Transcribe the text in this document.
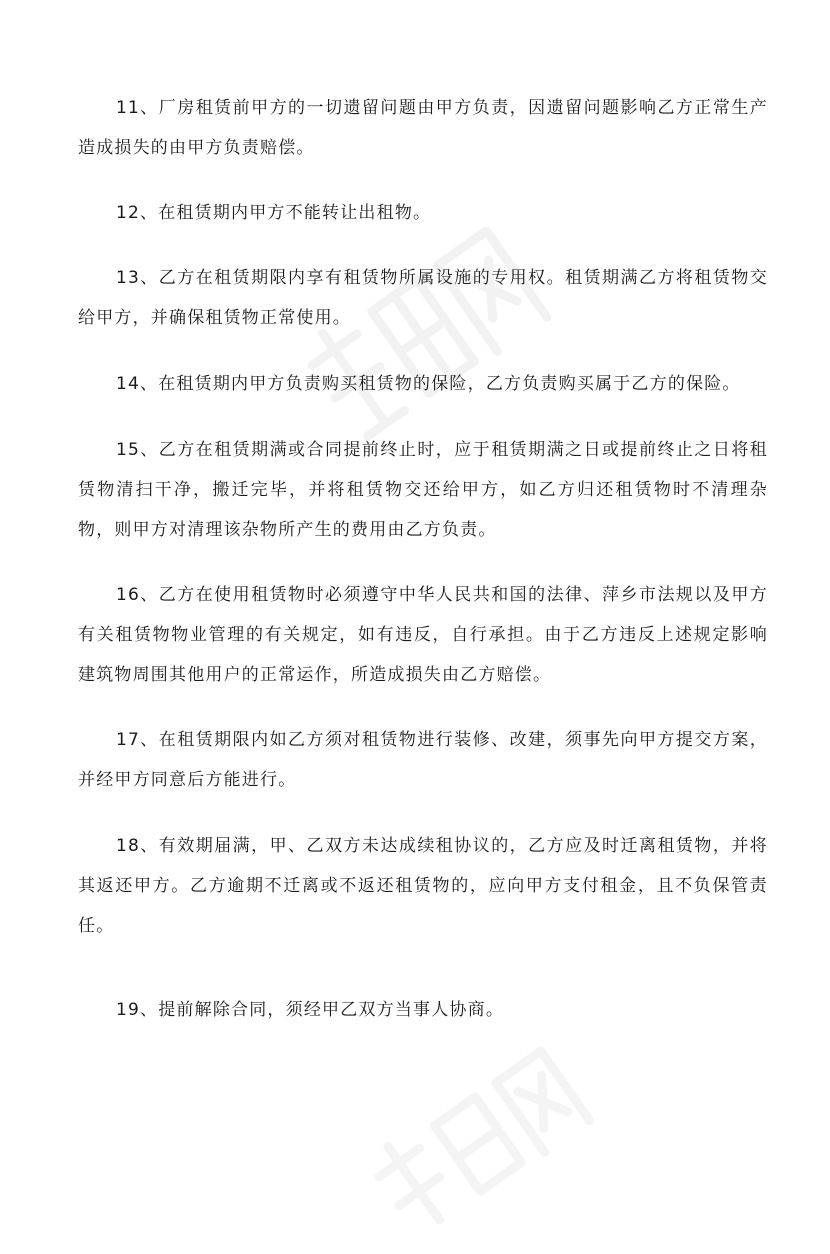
11、厂房租赁前甲方的一切遗留问题由甲方负责，因遗留问题影响乙方正常生产造成损失的由甲方负责赔偿。

12、在租赁期内甲方不能转让出租物。

13、乙方在租赁期限内享有租赁物所属设施的专用权。租赁期满乙方将租赁物交给甲方，并确保租赁物正常使用。

14、在租赁期内甲方负责购买租赁物的保险，乙方负责购买属于乙方的保险。

15、乙方在租赁期满或合同提前终止时，应于租赁期满之日或提前终止之日将租赁物清扫干净，搬迁完毕，并将租赁物交还给甲方，如乙方归还租赁物时不清理杂物，则甲方对清理该杂物所产生的费用由乙方负责。

16、乙方在使用租赁物时必须遵守中华人民共和国的法律、萍乡市法规以及甲方有关租赁物物业管理的有关规定，如有违反，自行承担。由于乙方违反上述规定影响建筑物周围其他用户的正常运作，所造成损失由乙方赔偿。

17、在租赁期限内如乙方须对租赁物进行装修、改建，须事先向甲方提交方案，并经甲方同意后方能进行。

18、有效期届满，甲、乙双方未达成续租协议的，乙方应及时迁离租赁物，并将其返还甲方。乙方逾期不迁离或不返还租赁物的，应向甲方支付租金，且不负保管责任。

19、提前解除合同，须经甲乙双方当事人协商。
